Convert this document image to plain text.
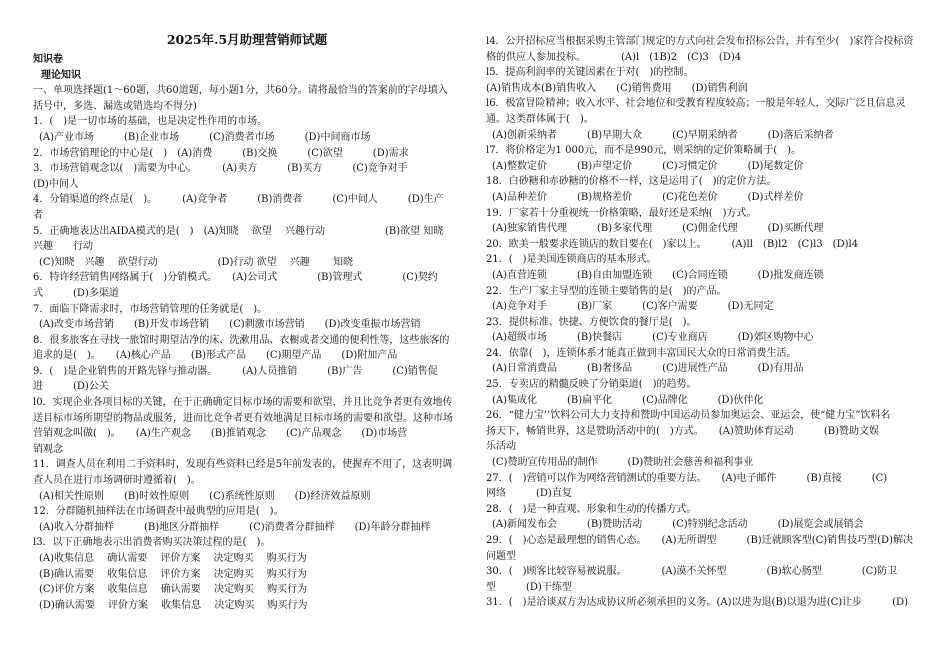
2025年.5月助理营销师试题
知识卷
理论知识
一、单项选择题(1～60题，共60道题，每小题1分，共60分。请将最恰当的答案前的字母填入
括号中，多选、漏选或错选均不得分)
1．(　)是一切市场的基础，也是决定性作用的市场。
(A)产业市场　　　(B)企业市场　　　(C)消费者市场　　　(D)中间商市场
2．市场营销理论的中心是(　)　(A)消费　　　(B)交换　　　(C)欲望　　　(D)需求
3．市场营销观念以(　)需要为中心。　　　(A)卖方　　　(B)买方　　　(C)竞争对手
(D)中间人
4．分销渠道的终点是(　)。　　　(A)竞争者　　　(B)消费者　　　(C)中间人　　　(D)生产
者
5．正确地表达出AIDA模式的是(　)　(A)知晓　 欲望　 兴趣行动　　　　　　(B)欲望 知晓
兴趣　　行动
(C)知晓　兴趣　 欲望行动　　　　　　(D)行动 欲望　 兴趣　　 知晓
6．特许经营销售网络属于(　)分销模式。　　(A)公司式　　　　(B)管理式　　　　(C)契约
式　　　(D)多渠道
7．面临下降需求时，市场营销管理的任务就是(　)。
(A)改变市场营销　　(B)开发市场营销　　(C)刺激市场营销　　(D)改变重振市场营销
8．很多旅客在寻找一旅馆时期望洁净的床、洗漱用品、衣橱或者交通的便利性等，这些旅客的
追求的是(　)。　　(A)核心产品　　(B)形式产品　　(C)期望产品　　(D)附加产品
9．(　)是企业销售的开路先锋与推动器。　　　(A)人员推销　　　(B)广告　　　(C)销售促
进　　　(D)公关
l0．实现企业各项目标的关键，在于正确确定目标市场的需要和欲望，并且比竞争者更有效地传
送目标市场所期望的物品或服务，进而比竞争者更有效地满足目标市场的需要和欲望。这种市场
营销观念叫做(　)。　　(A)生产观念　　(B)推销观念　　(C)产品观念　　(D)市场营
销观念
11．调查人员在利用二手资料时，发现有些资料已经是5年前发表的，使握弃不用了，这表明调
查人员在进行市场调研时遵循着(　)。
(A)相关性原则　　(B)时效性原则　　(C)系统性原则　　(D)经济效益原则
12．分群随机抽样法在市场调查中最典型的应用是(　)。
(A)收入分群抽样　　　(B)地区分群抽样　　　(C)消费者分群抽样　　(D)年龄分群抽样
l3．以下正确地表示出消费者购买决策过程的是(　)。
(A)收集信息　 确认需要　 评价方案　 决定购买　 购买行为
(B)确认需要　 收集信息　 评价方案　 决定购买　 购买行为
(C)评价方案　 收集信息　 确认需要　 决定购买　 购买行为
(D)确认需要　 评价方案　 收集信息　 决定购买　 购买行为
l4．公开招标应当根据采购主管部门规定的方式向社会发布招标公告，并有至少(　)家符合投标资
格的供应人参加投标。　　　　(A)l　(1B)2　(C)3　(D)4
l5．提高利润率的关键因素在于对(　)的控制。
(A)销售成本(B)销售收入　　(C)销售费用　　(D)销售利润
l6．极富冒险精神；收入水平、社会地位和受教育程度较高；一般是年轻人，交际广泛且信息灵
通。这类群体属于(　)。
(A)创新采纳者　　　(B)早期大众　　　(C)早期采纳者　　　(D)落后采纳者
l7．将价格定为1 000元，而不是990元，则采纳的定价策略属于(　)。
(A)整数定价　　　(B)声望定价　　　(C)习惯定价　　　(D)尾数定价
18．白砂糖和赤砂糖的价格不一样，这是运用了(　)的定价方法。
(A)品种差价　　　(B)规格差价　　　(C)花色差价　　　(D)式样差价
19．厂家若十分重视统一价格策略，最好还是采纳(　)方式。
(A)独家销售代理　　　(B)多家代理　　　(C)佣金代理　　　(D)买断代理
20．欧美一般要求连锁店的数目要在(　)家以上。　　　(A)ll　(B)l2　(C)l3　(D)l4
21．(　)是美国连锁商店的基本形式。
(A)直营连锁　　　(B)自由加盟连锁　　(C)合同连锁　　　(D)批发商连锁
22．生产厂家主导型的连锁主要销售的是(　)的产品。
(A)竞争对手　　　(B)厂家　　　(C)客户需要　　　(D)无同定
23．提供标准、快捷、方便饮食的餐厅是(　)。
(A)超级市场　　　(B)快餐店　　　(C)专业商店　　　(D)郊区购物中心
24．依靠(　)，连锁体系才能真正做到丰富国民大众的日常消费生活。
(A)日常消费品　　　(B)奢侈品　　　(C)进展性产品　　　(D)有用品
25．专卖店的精髓反映了分销渠道(　)的趋势。
(A)集成化　　　(B)扁平化　　　(C)品牌化　　　(D)伙伴化
26．“健力宝’’饮料公司大力支持和赞助中国运动员参加奥运会、亚运会，使“健力宝”饮料名
扬天下，畅销世界，这是赞助活动中的(　)方式。　　(A)赞助体育运动　　　(B)赞助文娱
乐活动
(C)赞助宣传用品的制作　　　(D)赞助社会慈善和福利事业
27．(　)营销可以作为网络营销测试的重要方法。　　(A)电子邮件　　　(B)直接　　　(C)
网络　　　(D)直复
28．(　)是一种直观、形象和生动的传播方式。
(A)新闻发布会　　　(B)赞助活动　　　(C)特别纪念活动　　　(D)展览会或展销会
29．(　)心态是最理想的销售心态。　　(A)无所谓型　　　(B)迁就顾客型(C)销售技巧型(D)解决
问题型
30．(　)顾客比较容易被说服。　　　　(A)漠不关怀型　　　　(B)软心肠型　　　　(C)防卫
型　　　(D)干练型
31．(　)是洽谈双方为达成协议所必须承担的义务。(A)以进为退(B)以退为进(C)让步　　　(D)
